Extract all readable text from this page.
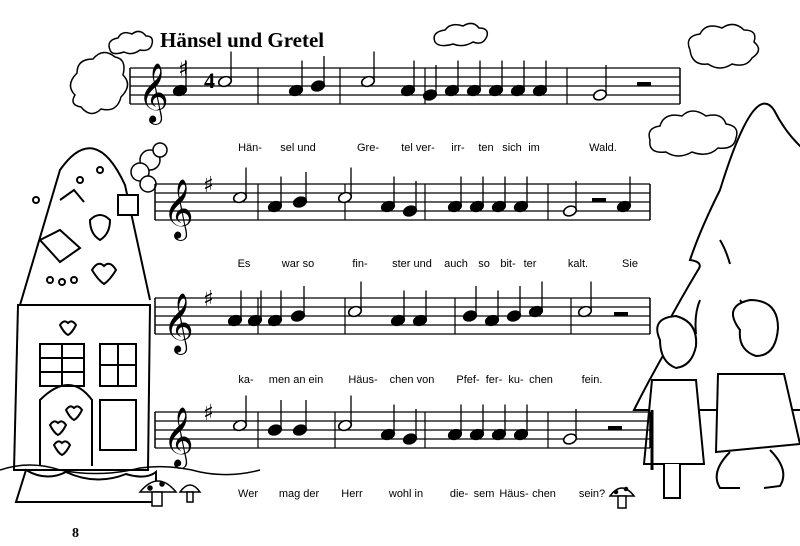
𝄞 ♯ 4
𝄞 ♯
𝄞 ♯
𝄞 ♯
Hänsel und Gretel
8
Hän- sel und	Gre- tel ver- irr- ten sich im	Wald.
Es	war so	fin- ster und auch so bit- ter	kalt.	Sie
ka- men an ein Häus- chen von Pfef- fer- ku- chen	fein.
Wer mag der Herr wohl in die- sem Häus- chen sein?
